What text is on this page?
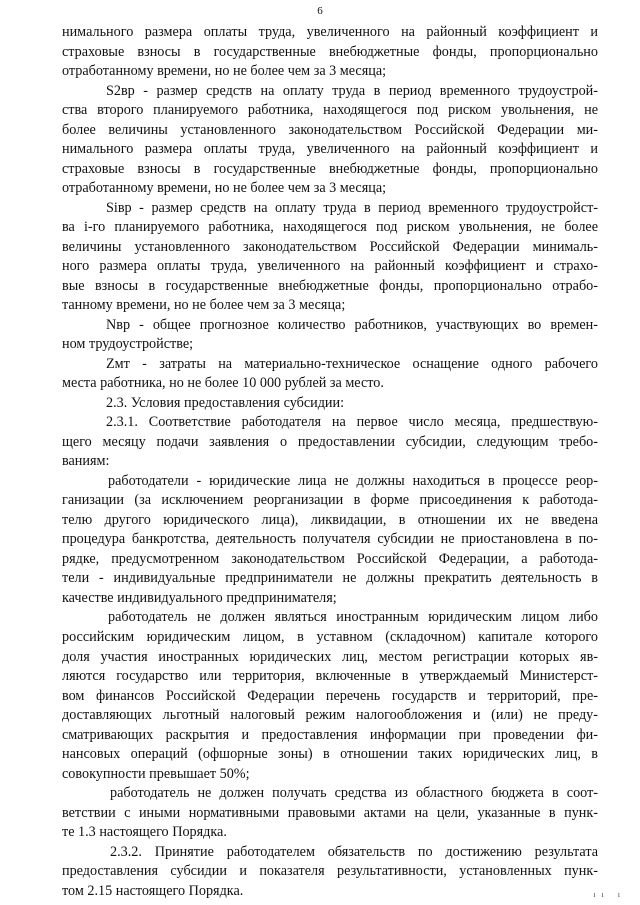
6
нимального размера оплаты труда, увеличенного на районный коэффициент и
страховые взносы в государственные внебюджетные фонды, пропорционально
отработанному времени, но не более чем за 3 месяца;
S2вр - размер средств на оплату труда в период временного трудоустрой-
ства второго планируемого работника, находящегося под риском увольнения, не
более величины установленного законодательством Российской Федерации ми-
нимального размера оплаты труда, увеличенного на районный коэффициент и
страховые взносы в государственные внебюджетные фонды, пропорционально
отработанному времени, но не более чем за 3 месяца;
Siвр - размер средств на оплату труда в период временного трудоустройст-
ва i-го планируемого работника, находящегося под риском увольнения, не более
величины установленного законодательством Российской Федерации минималь-
ного размера оплаты труда, увеличенного на районный коэффициент и страхо-
вые взносы в государственные внебюджетные фонды, пропорционально отрабо-
танному времени, но не более чем за 3 месяца;
Nвр - общее прогнозное количество работников, участвующих во времен-
ном трудоустройстве;
Zмт - затраты на материально-техническое оснащение одного рабочего
места работника, но не более 10 000 рублей за место.
2.3. Условия предоставления субсидии:
2.3.1. Соответствие работодателя на первое число месяца, предшествую-
щего месяцу подачи заявления о предоставлении субсидии, следующим требо-
ваниям:
работодатели - юридические лица не должны находиться в процессе реор-
ганизации (за исключением реорганизации в форме присоединения к работода-
телю другого юридического лица), ликвидации, в отношении их не введена
процедура банкротства, деятельность получателя субсидии не приостановлена в по-
рядке, предусмотренном законодательством Российской Федерации, а работода-
тели - индивидуальные предприниматели не должны прекратить деятельность в
качестве индивидуального предпринимателя;
работодатель не должен являться иностранным юридическим лицом либо
российским юридическим лицом, в уставном (складочном) капитале которого
доля участия иностранных юридических лиц, местом регистрации которых яв-
ляются государство или территория, включенные в утверждаемый Министерст-
вом финансов Российской Федерации перечень государств и территорий, пре-
доставляющих льготный налоговый режим налогообложения и (или) не преду-
сматривающих раскрытия и предоставления информации при проведении фи-
нансовых операций (офшорные зоны) в отношении таких юридических лиц, в
совокупности превышает 50%;
работодатель не должен получать средства из областного бюджета в соот-
ветствии с иными нормативными правовыми актами на цели, указанные в пунк-
те 1.3 настоящего Порядка.
2.3.2. Принятие работодателем обязательств по достижению результата
предоставления субсидии и показателя результативности, установленных пунк-
том 2.15 настоящего Порядка.	ıı ı
